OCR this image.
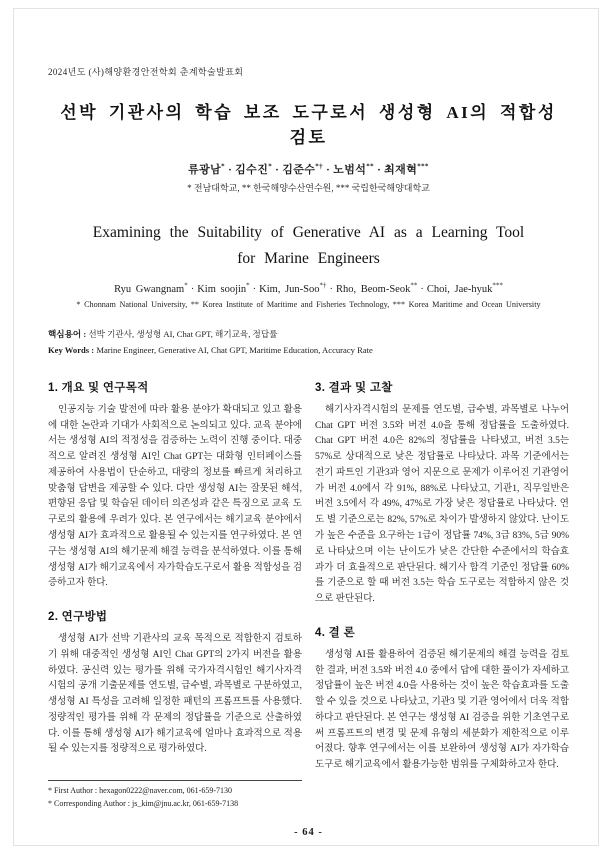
2024년도 (사)해양환경안전학회 춘계학술발표회
선박 기관사의 학습 보조 도구로서 생성형 AI의 적합성 검토
류광남* · 김수진* · 김준수*† · 노범석** · 최재혁***
* 전남대학교, ** 한국해양수산연수원, *** 국립한국해양대학교
Examining the Suitability of Generative AI as a Learning Tool
for Marine Engineers
Ryu Gwangnam* · Kim soojin* · Kim, Jun-Soo*† · Rho, Beom-Seok** · Choi, Jae-hyuk***
* Chonnam National University, ** Korea Institute of Maritime and Fisheries Technology, *** Korea Maritime and Ocean University
핵심용어 : 선박 기관사, 생성형 AI, Chat GPT, 해기교육, 정답률
Key Words : Marine Engineer, Generative AI, Chat GPT, Maritime Education, Accuracy Rate
1. 개요 및 연구목적

인공지능 기술 발전에 따라 활용 분야가 확대되고 있고 활용에 대한 논란과 기대가 사회적으로 논의되고 있다. 교육 분야에서는 생성형 AI의 적정성을 검증하는 노력이 진행 중이다. 대중적으로 알려진 생성형 AI인 Chat GPT는 대화형 인터페이스를 제공하여 사용법이 단순하고, 대량의 정보를 빠르게 처리하고 맞춤형 답변을 제공할 수 있다. 다만 생성형 AI는 잘못된 해석, 편향된 응답 및 학습된 데이터 의존성과 같은 특징으로 교육 도구로의 활용에 우려가 있다. 본 연구에서는 해기교육 분야에서 생성형 AI가 효과적으로 활용될 수 있는지를 연구하였다. 본 연구는 생성형 AI의 해기문제 해결 능력을 분석하였다. 이를 통해 생성형 AI가 해기교육에서 자가학습도구로서 활용 적합성을 검증하고자 한다.

2. 연구방법

생성형 AI가 선박 기관사의 교육 목적으로 적합한지 검토하기 위해 대중적인 생성형 AI인 Chat GPT의 2가지 버전을 활용하였다. 공신력 있는 평가를 위해 국가자격시험인 해기사자격시험의 공개 기출문제를 연도별, 급수별, 과목별로 구분하였고, 생성형 AI 특성을 고려해 일정한 패턴의 프롬프트를 사용했다. 정량적인 평가를 위해 각 문제의 정답률을 기준으로 산출하였다. 이를 통해 생성형 AI가 해기교육에 얼마나 효과적으로 적용될 수 있는지를 정량적으로 평가하였다.

* First Author : hexagon0222@naver.com, 061-659-7130
* Corresponding Author : js_kim@jnu.ac.kr, 061-659-7138
3. 결과 및 고찰

해기사자격시험의 문제를 연도별, 급수별, 과목별로 나누어 Chat GPT 버전 3.5와 버전 4.0을 통해 정답률을 도출하였다. Chat GPT 버전 4.0은 82%의 정답률을 나타냈고, 버전 3.5는 57%로 상대적으로 낮은 정답률로 나타났다. 과목 기준에서는 전기 파트인 기관3과 영어 지문으로 문제가 이루어진 기관영어가 버전 4.0에서 각 91%, 88%로 나타났고, 기관1, 직무일반은 버전 3.5에서 각 49%, 47%로 가장 낮은 정답률로 나타났다. 연도 별 기준으로는 82%, 57%로 차이가 발생하지 않았다. 난이도가 높은 수준을 요구하는 1급이 정답률 74%, 3급 83%, 5급 90%로 나타났으며 이는 난이도가 낮은 간단한 수준에서의 학습효과가 더 효율적으로 판단된다. 해기사 합격 기준인 정답률 60%를 기준으로 할 때 버전 3.5는 학습 도구로는 적합하지 않은 것으로 판단된다.

4. 결 론

생성형 AI를 활용하여 검증된 해기문제의 해결 능력을 검토한 결과, 버전 3.5와 버전 4.0 중에서 답에 대한 풀이가 자세하고 정답률이 높은 버전 4.0을 사용하는 것이 높은 학습효과를 도출할 수 있을 것으로 나타났고, 기관3 및 기관 영어에서 더욱 적합하다고 판단된다. 본 연구는 생성형 AI 검증을 위한 기초연구로써 프롬프트의 변경 및 문제 유형의 세분화가 제한적으로 이루어졌다. 향후 연구에서는 이를 보완하여 생성형 AI가 자가학습 도구로 해기교육에서 활용가능한 범위를 구체화하고자 한다.

- 64 -
